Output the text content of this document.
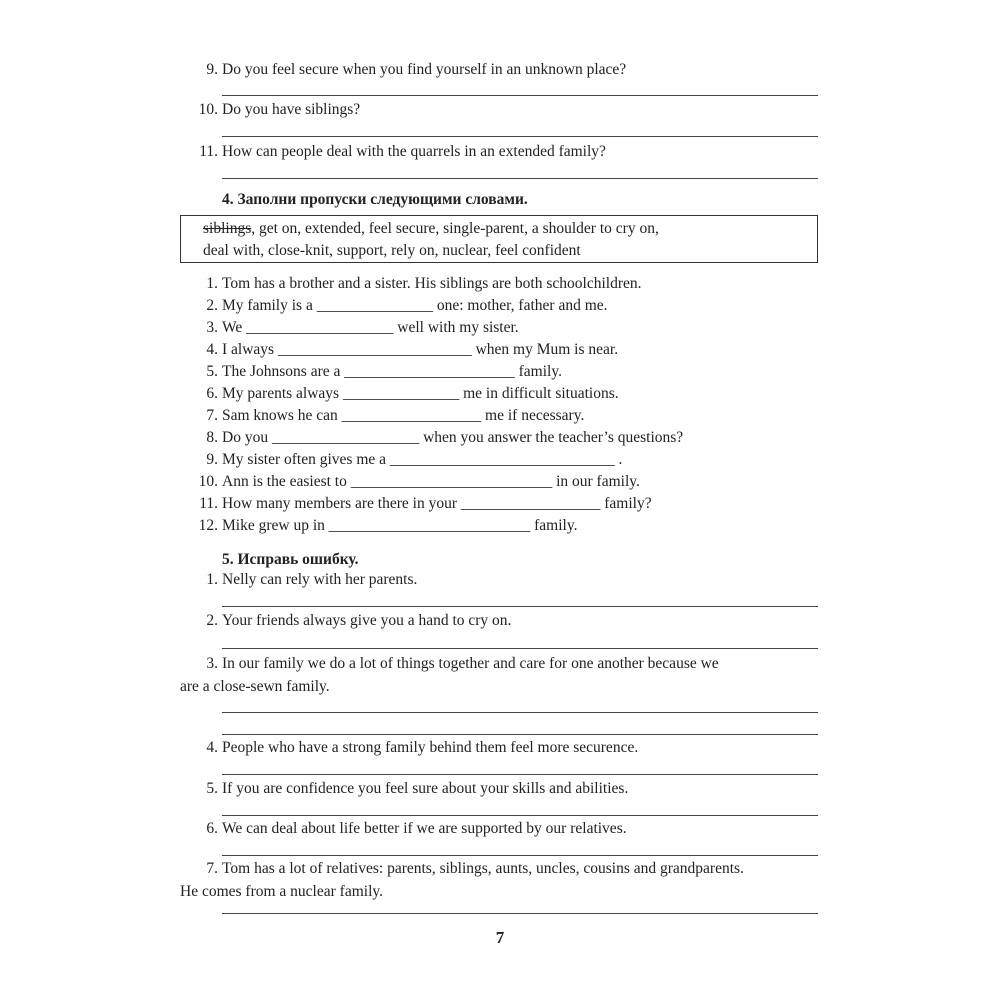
9. Do you feel secure when you find yourself in an unknown place?
10. Do you have siblings?
11. How can people deal with the quarrels in an extended family?
4. Заполни пропуски следующими словами.
siblings, get on, extended, feel secure, single-parent, a shoulder to cry on,
deal with, close-knit, support, rely on, nuclear, feel confident
1. Tom has a brother and a sister. His siblings are both schoolchildren.
2. My family is a _______________ one: mother, father and me.
3. We ___________________ well with my sister.
4. I always _________________________ when my Mum is near.
5. The Johnsons are a ______________________ family.
6. My parents always _______________ me in difficult situations.
7. Sam knows he can __________________ me if necessary.
8. Do you ___________________ when you answer the teacher’s questions?
9. My sister often gives me a _____________________________ .
10. Ann is the easiest to __________________________ in our family.
11. How many members are there in your __________________ family?
12. Mike grew up in __________________________ family.
5. Исправь ошибку.
1. Nelly can rely with her parents.
2. Your friends always give you a hand to cry on.
3. In our family we do a lot of things together and care for one another because we
are a close-sewn family.
4. People who have a strong family behind them feel more securence.
5. If you are confidence you feel sure about your skills and abilities.
6. We can deal about life better if we are supported by our relatives.
7. Tom has a lot of relatives: parents, siblings, aunts, uncles, cousins and grandparents.
He comes from a nuclear family.
7
